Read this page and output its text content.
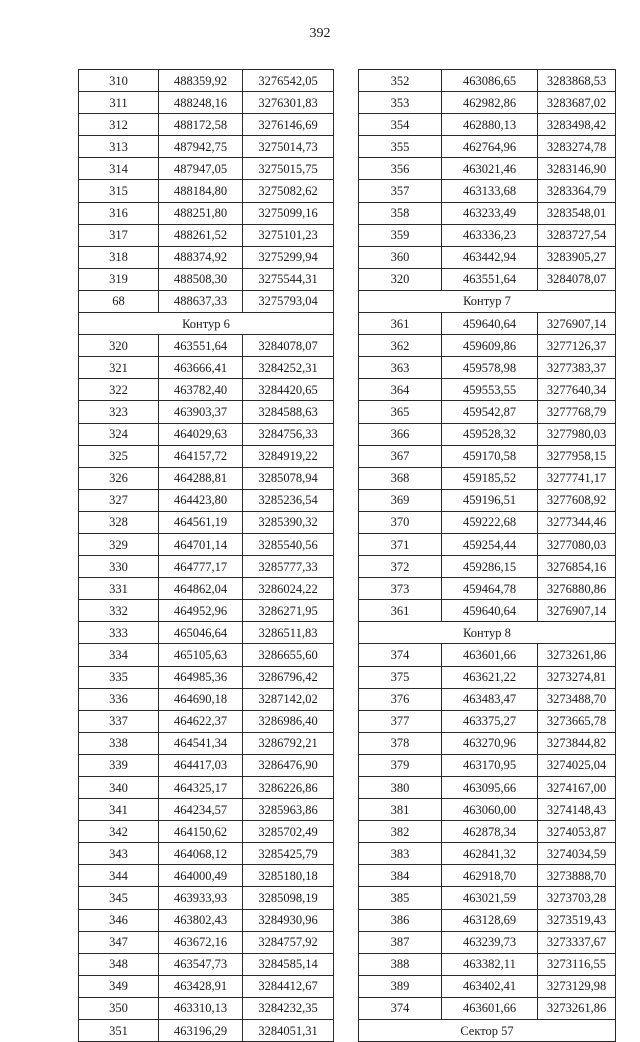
392
310	488359,92	3276542,05
311	488248,16	3276301,83
312	488172,58	3276146,69
313	487942,75	3275014,73
314	487947,05	3275015,75
315	488184,80	3275082,62
316	488251,80	3275099,16
317	488261,52	3275101,23
318	488374,92	3275299,94
319	488508,30	3275544,31
68	488637,33	3275793,04
Контур 6		
320	463551,64	3284078,07
321	463666,41	3284252,31
322	463782,40	3284420,65
323	463903,37	3284588,63
324	464029,63	3284756,33
325	464157,72	3284919,22
326	464288,81	3285078,94
327	464423,80	3285236,54
328	464561,19	3285390,32
329	464701,14	3285540,56
330	464777,17	3285777,33
331	464862,04	3286024,22
332	464952,96	3286271,95
333	465046,64	3286511,83
334	465105,63	3286655,60
335	464985,36	3286796,42
336	464690,18	3287142,02
337	464622,37	3286986,40
338	464541,34	3286792,21
339	464417,03	3286476,90
340	464325,17	3286226,86
341	464234,57	3285963,86
342	464150,62	3285702,49
343	464068,12	3285425,79
344	464000,49	3285180,18
345	463933,93	3285098,19
346	463802,43	3284930,96
347	463672,16	3284757,92
348	463547,73	3284585,14
349	463428,91	3284412,67
350	463310,13	3284232,35
351	463196,29	3284051,31
352	463086,65	3283868,53
353	462982,86	3283687,02
354	462880,13	3283498,42
355	462764,96	3283274,78
356	463021,46	3283146,90
357	463133,68	3283364,79
358	463233,49	3283548,01
359	463336,23	3283727,54
360	463442,94	3283905,27
320	463551,64	3284078,07
Контур 7		
361	459640,64	3276907,14
362	459609,86	3277126,37
363	459578,98	3277383,37
364	459553,55	3277640,34
365	459542,87	3277768,79
366	459528,32	3277980,03
367	459170,58	3277958,15
368	459185,52	3277741,17
369	459196,51	3277608,92
370	459222,68	3277344,46
371	459254,44	3277080,03
372	459286,15	3276854,16
373	459464,78	3276880,86
361	459640,64	3276907,14
Контур 8		
374	463601,66	3273261,86
375	463621,22	3273274,81
376	463483,47	3273488,70
377	463375,27	3273665,78
378	463270,96	3273844,82
379	463170,95	3274025,04
380	463095,66	3274167,00
381	463060,00	3274148,43
382	462878,34	3274053,87
383	462841,32	3274034,59
384	462918,70	3273888,70
385	463021,59	3273703,28
386	463128,69	3273519,43
387	463239,73	3273337,67
388	463382,11	3273116,55
389	463402,41	3273129,98
374	463601,66	3273261,86
Сектор 57		
